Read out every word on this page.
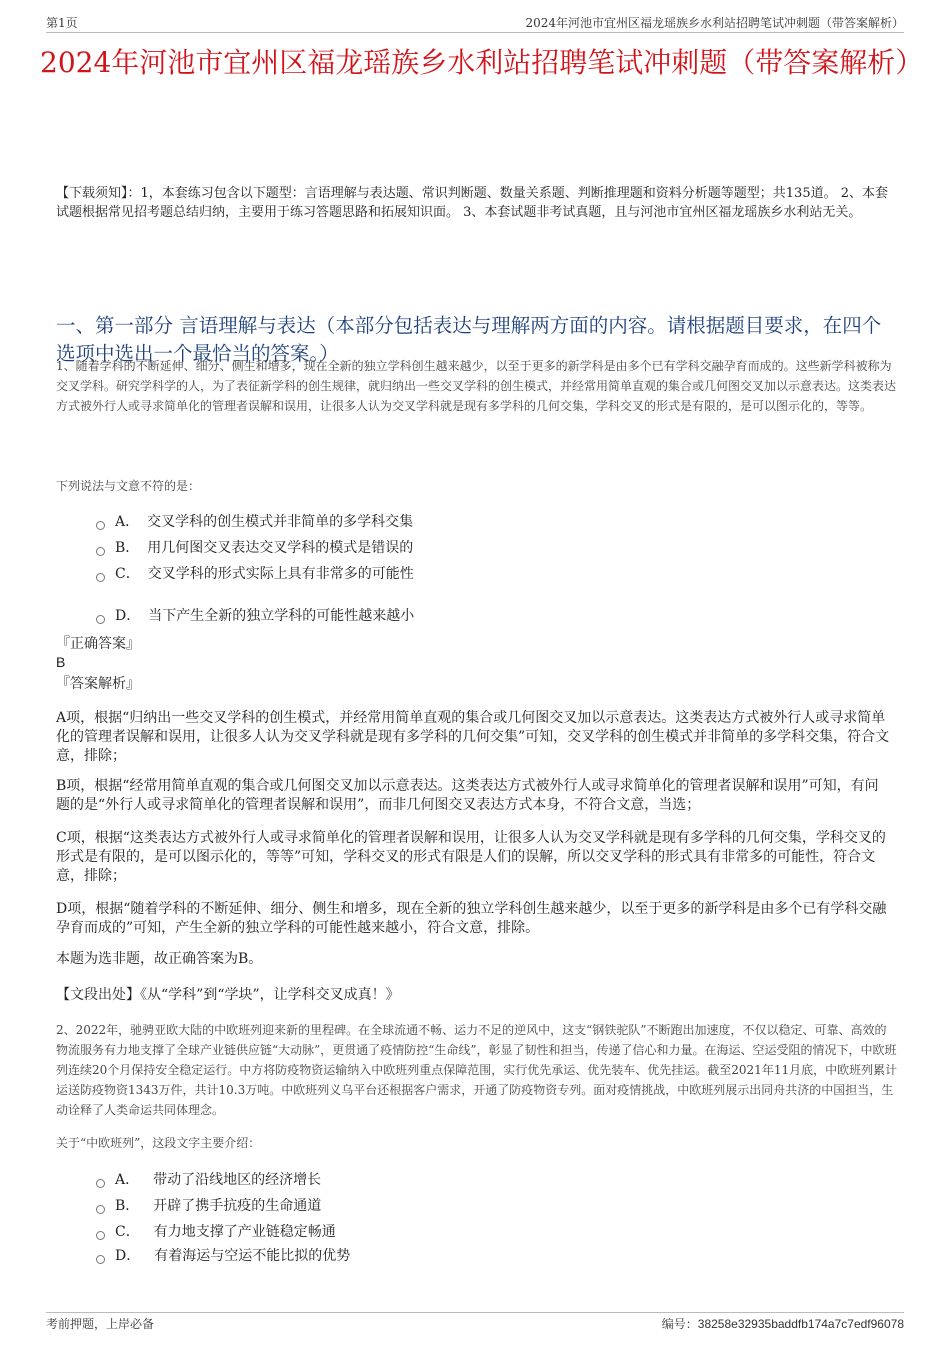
第1页	2024年河池市宜州区福龙瑶族乡水利站招聘笔试冲刺题（带答案解析）
2024年河池市宜州区福龙瑶族乡水利站招聘笔试冲刺题（带答案解析）
【下载须知】：1，本套练习包含以下题型：言语理解与表达题、常识判断题、数量关系题、判断推理题和资料分析题等题型；共135道。 2、本套试题根据常见招考题总结归纳，主要用于练习答题思路和拓展知识面。 3、本套试题非考试真题，且与河池市宜州区福龙瑶族乡水利站无关。
一、第一部分 言语理解与表达（本部分包括表达与理解两方面的内容。请根据题目要求，在四个选项中选出一个最恰当的答案。）
1、随着学科的不断延伸、细分、侧生和增多，现在全新的独立学科创生越来越少，以至于更多的新学科是由多个已有学科交融孕育而成的。这些新学科被称为交叉学科。研究学科学的人，为了表征新学科的创生规律，就归纳出一些交叉学科的创生模式，并经常用简单直观的集合或几何图交叉加以示意表达。这类表达方式被外行人或寻求简单化的管理者误解和误用，让很多人认为交叉学科就是现有多学科的几何交集，学科交叉的形式是有限的，是可以图示化的，等等。
下列说法与文意不符的是：
A． 交叉学科的创生模式并非简单的多学科交集
B． 用几何图交叉表达交叉学科的模式是错误的
C． 交叉学科的形式实际上具有非常多的可能性
D． 当下产生全新的独立学科的可能性越来越小
『正确答案』
B
『答案解析』
A项，根据“归纳出一些交叉学科的创生模式，并经常用简单直观的集合或几何图交叉加以示意表达。这类表达方式被外行人或寻求简单化的管理者误解和误用，让很多人认为交叉学科就是现有多学科的几何交集”可知，交叉学科的创生模式并非简单的多学科交集，符合文意，排除；
B项，根据“经常用简单直观的集合或几何图交叉加以示意表达。这类表达方式被外行人或寻求简单化的管理者误解和误用”可知，有问题的是“外行人或寻求简单化的管理者误解和误用”，而非几何图交叉表达方式本身，不符合文意，当选；
C项，根据“这类表达方式被外行人或寻求简单化的管理者误解和误用，让很多人认为交叉学科就是现有多学科的几何交集，学科交叉的形式是有限的，是可以图示化的，等等”可知，学科交叉的形式有限是人们的误解，所以交叉学科的形式具有非常多的可能性，符合文意，排除；
D项，根据“随着学科的不断延伸、细分、侧生和增多，现在全新的独立学科创生越来越少，以至于更多的新学科是由多个已有学科交融孕育而成的”可知，产生全新的独立学科的可能性越来越小，符合文意，排除。
本题为选非题，故正确答案为B。
【文段出处】《从“学科”到“学块”，让学科交叉成真！》
2、2022年，驰骋亚欧大陆的中欧班列迎来新的里程碑。在全球流通不畅、运力不足的逆风中，这支“钢铁驼队”不断跑出加速度，不仅以稳定、可靠、高效的物流服务有力地支撑了全球产业链供应链“大动脉”，更贯通了疫情防控“生命线”，彰显了韧性和担当，传递了信心和力量。在海运、空运受阻的情况下，中欧班列连续20个月保持安全稳定运行。中方将防疫物资运输纳入中欧班列重点保障范围，实行优先承运、优先装车、优先挂运。截至2021年11月底，中欧班列累计运送防疫物资1343万件，共计10.3万吨。中欧班列义乌平台还根据客户需求，开通了防疫物资专列。面对疫情挑战，中欧班列展示出同舟共济的中国担当，生动诠释了人类命运共同体理念。
关于“中欧班列”，这段文字主要介绍：
A． 带动了沿线地区的经济增长
B． 开辟了携手抗疫的生命通道
C． 有力地支撑了产业链稳定畅通
D． 有着海运与空运不能比拟的优势
考前押题，上岸必备	编号：38258e32935baddfb174a7c7edf96078
